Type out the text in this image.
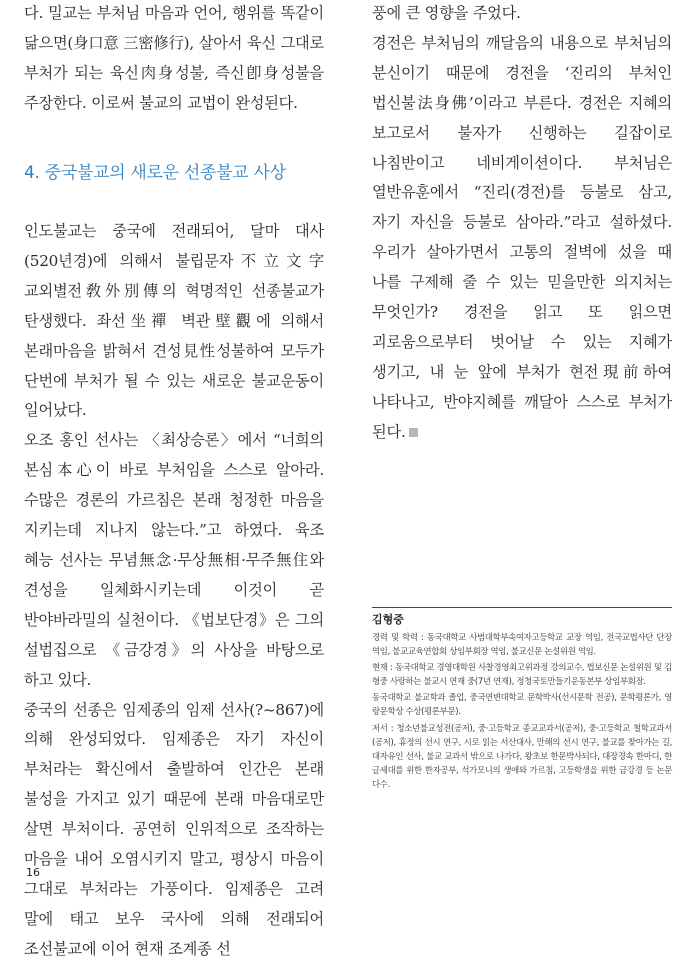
다. 밀교는 부처님 마음과 언어, 행위를 똑같이 닮으면(身口意 三密修行), 살아서 육신 그대로 부처가 되는 육신肉身성불, 즉신卽身성불을 주장한다. 이로써 불교의 교법이 완성된다.

4. 중국불교의 새로운 선종불교 사상

인도불교는 중국에 전래되어, 달마 대사(520년경)에 의해서 불립문자不立文字 교외별전敎外別傳의 혁명적인 선종불교가 탄생했다. 좌선坐禪 벽관壁觀에 의해서 본래마음을 밝혀서 견성見性성불하여 모두가 단번에 부처가 될 수 있는 새로운 불교운동이 일어났다.

오조 홍인 선사는 〈최상승론〉에서 “너희의 본심本心이 바로 부처임을 스스로 알아라. 수많은 경론의 가르침은 본래 청정한 마음을 지키는데 지나지 않는다.”고 하였다. 육조 혜능 선사는 무념無念·무상無相·무주無住와 견성을 일체화시키는데 이것이 곧 반야바라밀의 실천이다. 《법보단경》은 그의 설법집으로 《금강경》의 사상을 바탕으로 하고 있다.

중국의 선종은 임제종의 임제 선사(?~867)에 의해 완성되었다. 임제종은 자기 자신이 부처라는 확신에서 출발하여 인간은 본래 불성을 가지고 있기 때문에 본래 마음대로만 살면 부처이다. 공연히 인위적으로 조작하는 마음을 내어 오염시키지 말고, 평상시 마음이 그대로 부처라는 가풍이다. 임제종은 고려 말에 태고 보우 국사에 의해 전래되어 조선불교에 이어 현재 조계종 선

풍에 큰 영향을 주었다.

경전은 부처님의 깨달음의 내용으로 부처님의 분신이기 때문에 경전을 ‘진리의 부처인 법신불法身佛’이라고 부른다. 경전은 지혜의 보고로서 불자가 신행하는 길잡이로 나침반이고 네비게이션이다. 부처님은 열반유훈에서 “진리(경전)를 등불로 삼고, 자기 자신을 등불로 삼아라.”라고 설하셨다. 우리가 살아가면서 고통의 절벽에 섰을 때 나를 구제해 줄 수 있는 믿을만한 의지처는 무엇인가? 경전을 읽고 또 읽으면 괴로움으로부터 벗어날 수 있는 지혜가 생기고, 내 눈 앞에 부처가 현전現前하여 나타나고, 반야지혜를 깨달아 스스로 부처가 된다.

김형중

경력 및 학력 : 동국대학교 사범대학부속여자고등학교 교장 역임, 전국교법사단 단장 역임, 불교교육연합회 상임부회장 역임, 불교신문 논설위원 역임.

현재 : 동국대학교 경영대학원 사찰경영최고위과정 강의교수, 법보신문 논설위원 및 김형중 사랑하는 불교시 연재 중(7년 연재), 정청국토만들기운동본부 상임부회장.

동국대학교 불교학과 졸업, 중국연변대학교 문학박사(선시문학 전공), 문학평론가, 영랑문학상 수상(평론부문).

저서 : 청소년불교성전(공저), 중·고등학교 종교교과서(공저), 중·고등학교 철학교과서(공저), 휴정의 선시 연구, 시로 읽는 서산대사, 만해의 선시 연구, 불교를 찾아가는 길, 대자유인 선사, 불교 교과서 밖으로 나가다, 왕초보 한문박사되다, 대장경속 한마디, 한글세대를 위한 한자공부, 석가모니의 생애와 가르침, 고등학생을 위한 금강경 등 논문 다수.

16
